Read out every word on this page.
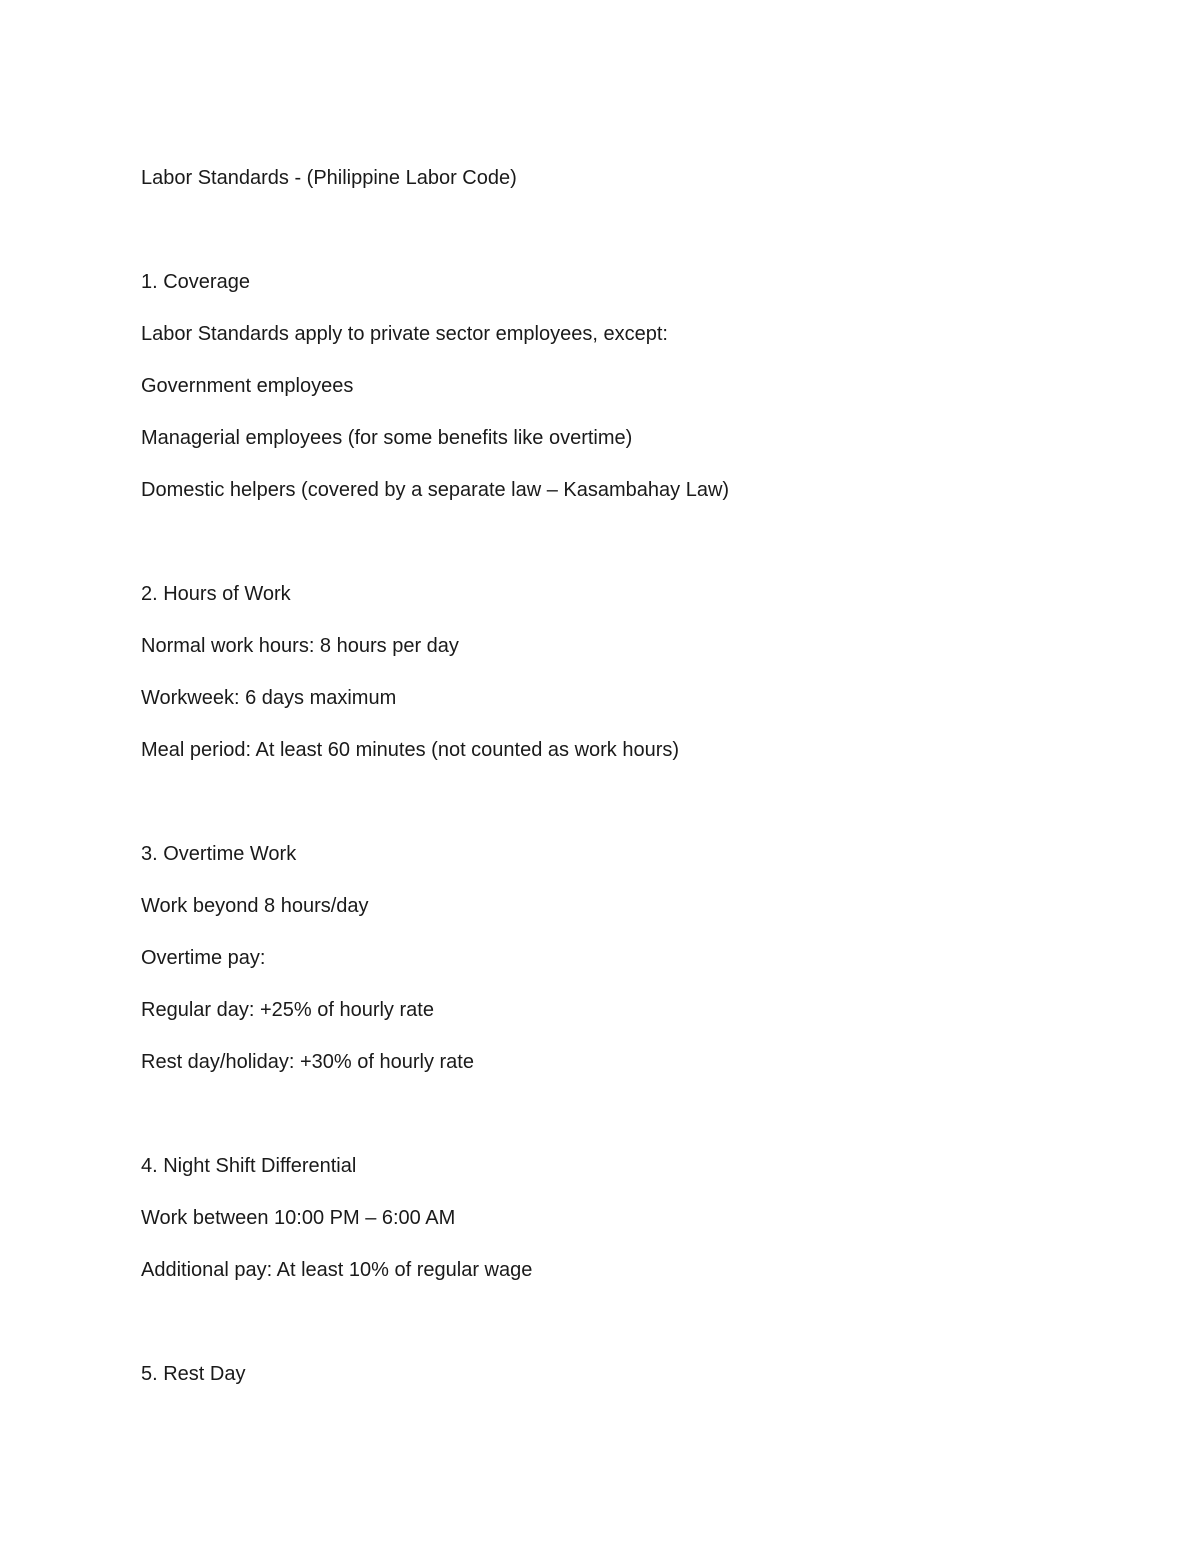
Labor Standards - (Philippine Labor Code)
1. Coverage
Labor Standards apply to private sector employees, except:
Government employees
Managerial employees (for some benefits like overtime)
Domestic helpers (covered by a separate law – Kasambahay Law)
2. Hours of Work
Normal work hours: 8 hours per day
Workweek: 6 days maximum
Meal period: At least 60 minutes (not counted as work hours)
3. Overtime Work
Work beyond 8 hours/day
Overtime pay:
Regular day: +25% of hourly rate
Rest day/holiday: +30% of hourly rate
4. Night Shift Differential
Work between 10:00 PM – 6:00 AM
Additional pay: At least 10% of regular wage
5. Rest Day
